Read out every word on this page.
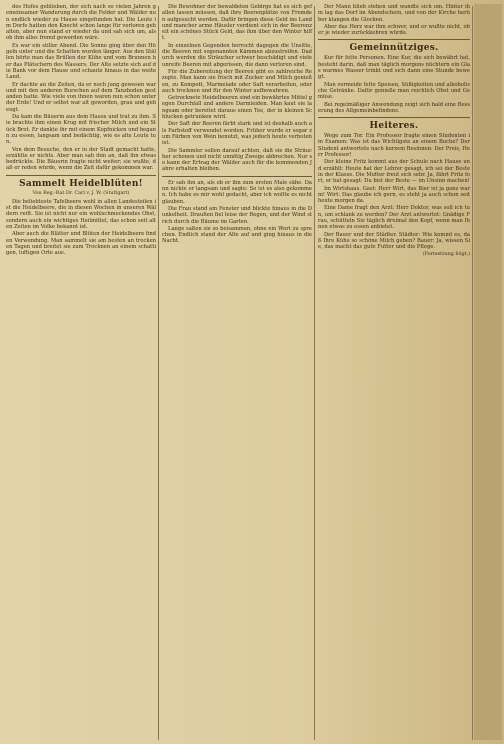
des Hofes geblieben, der sich nach so vielen Jahren gemeinsamer Wanderung durch die Felder und Wälder nun endlich wieder zu Hause eingefunden hat. Die Leute im Dorfe hatten den Knecht schon lange für verloren gehalten, aber nun stand er wieder da und sah sich um, als ob ihm alles fremd geworden wäre.

Es war ein stiller Abend. Die Sonne ging über den Hügeln unter und die Schatten wurden länger. Aus den Ställen hörte man das Brüllen der Kühe und vom Brunnen her das Plätschern des Wassers. Der Alte setzte sich auf die Bank vor dem Hause und schaute hinaus in das weite Land.

Er dachte an die Zeiten, da er noch jung gewesen war und mit den anderen Burschen auf dem Tanzboden gestanden hatte. Wie viele von ihnen waren nun schon unter der Erde! Und er selbst war alt geworden, grau und gebeugt.

Da kam die Bäuerin aus dem Hause und trat zu ihm. Sie brachte ihm einen Krug mit frischer Milch und ein Stück Brot. Er dankte ihr mit einem Kopfnicken und begann zu essen, langsam und bedächtig, wie es alte Leute tun.

Von dem Besuche, den er in der Stadt gemacht hatte, erzählte er nichts. Aber man sah ihm an, daß ihn etwas bedrückte. Die Bäuerin fragte nicht weiter; sie wußte, daß er reden würde, wenn die Zeit dafür gekommen war.

Sammelt Heidelblüten!
Von Reg.-Rat Dr. Carl v. J. W. (Stuttgart)

Die beliebteste Tafelbeere wohl in allen Landesteilen ist die Heidelbeere, die in diesen Wochen in unseren Wäldern reift. Sie ist nicht nur ein wohlschmeckendes Obst, sondern auch ein wichtiges Heilmittel, das schon seit alten Zeiten im Volke bekannt ist.

Aber auch die Blätter und Blüten der Heidelbeere finden Verwendung. Man sammelt sie am besten an trockenen Tagen und breitet sie zum Trocknen an einem schattigen, luftigen Orte aus.

Die Bewohner der bewaldeten Gebirge hat es sich gefallen lassen müssen, daß ihre Beerenplätze von Fremden aufgesucht werden. Dafür bringen diese Geld ins Land und mancher arme Häusler verdient sich in der Beerenzeit ein schönes Stück Geld, das ihm über den Winter hilft.

In einzelnen Gegenden herrscht dagegen die Unsitte, die Beeren mit sogenannten Kämmen abzustreifen. Dadurch werden die Sträucher schwer beschädigt und viele unreife Beeren mit abgerissen, die dann verloren sind.

Für die Zubereitung der Beeren gibt es zahlreiche Rezepte. Man kann sie frisch mit Zucker und Milch genießen, zu Kompott, Marmelade oder Saft verarbeiten, oder auch trocknen und für den Winter aufbewahren.

Getrocknete Heidelbeeren sind ein bewährtes Mittel gegen Durchfall und andere Darmleiden. Man kaut sie langsam oder bereitet daraus einen Tee, der in kleinen Schlucken getrunken wird.

Der Saft der Beeren färbt stark und ist deshalb auch als Farbstoff verwendet worden. Früher wurde er sogar zum Färben von Wein benutzt, was jedoch heute verboten ist.

Die Sammler sollen darauf achten, daß sie die Sträucher schonen und nicht unnötig Zweige abbrechen. Nur so kann der Ertrag der Wälder auch für die kommenden Jahre erhalten bleiben.

Er sah ihn an, als ob er ihn zum ersten Male sähe. Dann nickte er langsam und sagte: So ist es also gekommen. Ich habe es mir wohl gedacht, aber ich wollte es nicht glauben.

Die Frau stand am Fenster und blickte hinaus in die Dunkelheit. Draußen fiel leise der Regen, und der Wind strich durch die Bäume im Garten.

Lange saßen sie so beisammen, ohne ein Wort zu sprechen. Endlich stand der Alte auf und ging hinaus in die Nacht.

Der Mann blieb stehen und wandte sich um. Hinter ihm lag das Dorf im Abendschein, und von der Kirche herüber klangen die Glocken.

Aber das Herz war ihm schwer, und er wußte nicht, ob er je wieder zurückkehren würde.

Gemeinnütziges.

Kur für fette Personen. Eine Kur, die sich bewährt hat, besteht darin, daß man täglich morgens nüchtern ein Glas warmes Wasser trinkt und sich dann eine Stunde bewegt.

Man vermeide fette Speisen, Süßigkeiten und alkoholische Getränke. Dafür genieße man reichlich Obst und Gemüse.

Bei regelmäßiger Anwendung zeigt sich bald eine Besserung des Allgemeinbefindens.

Heiteres.

Wege zum Tor. Ein Professor fragte einen Studenten im Examen: Was ist das Wichtigste an einem Buche? Der Student antwortete nach kurzem Besinnen: Der Preis, Herr Professor!

Der kleine Fritz kommt aus der Schule nach Hause und erzählt: Heute hat der Lehrer gesagt, ich sei der Beste in der Klasse. Die Mutter freut sich sehr. Ja, fährt Fritz fort, er hat gesagt: Du bist der Beste — im Unsinn machen!

Im Wirtshaus. Gast: Herr Wirt, das Bier ist ja ganz warm! Wirt: Das glaube ich gern, es steht ja auch schon seit heute morgen da.

Eine Dame fragt den Arzt: Herr Doktor, was soll ich tun, um schlank zu werden? Der Arzt antwortet: Gnädige Frau, schütteln Sie täglich dreimal den Kopf, wenn man Ihnen etwas zu essen anbietet.

Der Bauer und der Städter. Städter: Wie kommt es, daß Ihre Kühe so schöne Milch geben? Bauer: Ja, wissen Sie, das macht das gute Futter und die Pflege.

(Fortsetzung folgt.)
